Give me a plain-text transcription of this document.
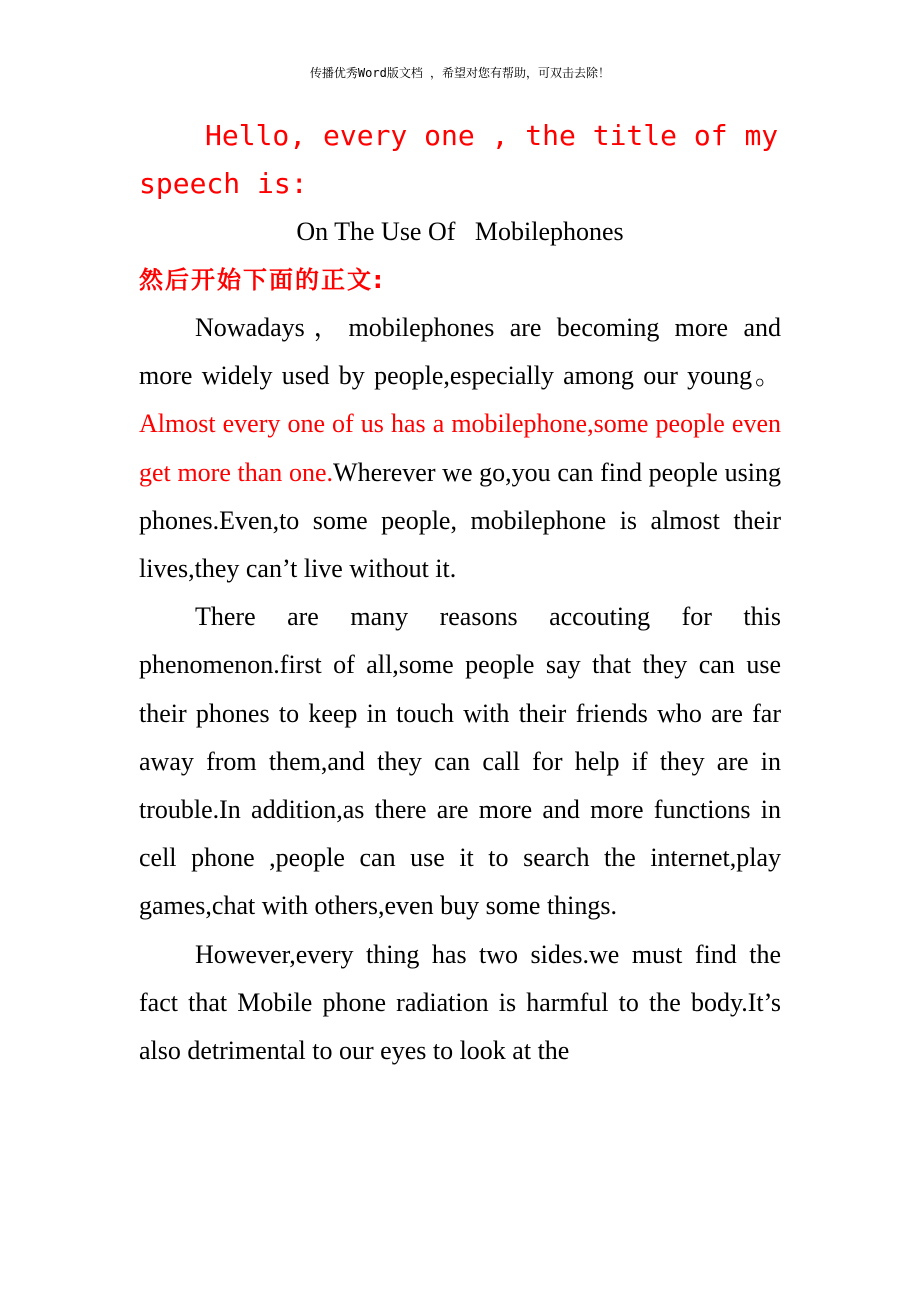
传播优秀Word版文档 ，希望对您有帮助，可双击去除！

Hello, every one , the title of my speech is:

On The Use Of   Mobilephones

然后开始下面的正文:

Nowadays，mobilephones are becoming more and more widely used by people,especially among our young。Almost every one of us has a mobilephone,some people even get more than one.Wherever we go,you can find people using phones.Even,to some people, mobilephone is almost their lives,they can’t live without it.

There are many reasons accouting for this phenomenon.first of all,some people say that they can use their phones to keep in touch with their friends who are far away from them,and they can call for help if they are in trouble.In addition,as there are more and more functions in cell phone ,people can use it to search the internet,play games,chat with others,even buy some things.

However,every thing has two sides.we must find the fact that Mobile phone radiation is harmful to the body.It’s also detrimental to our eyes to look at the
